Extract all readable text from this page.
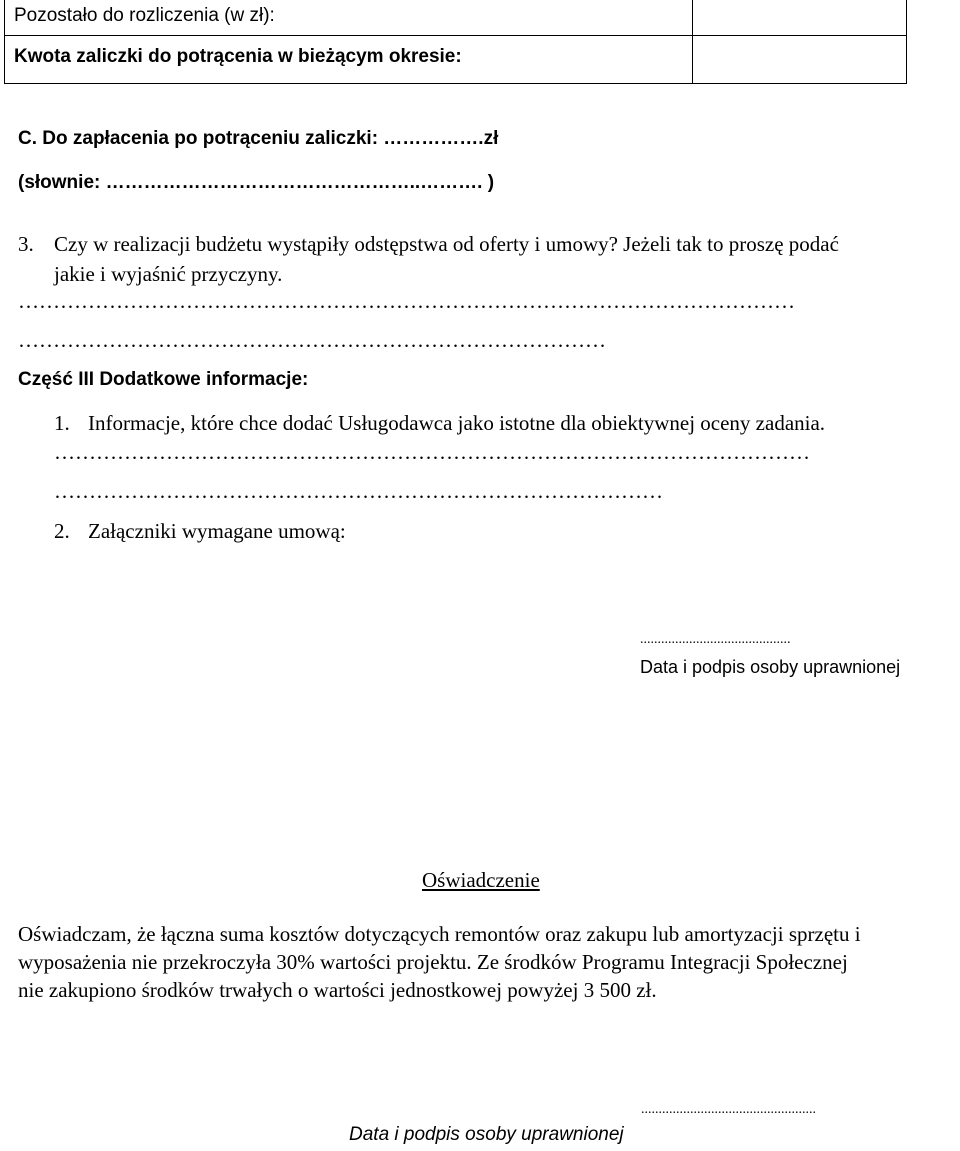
Pozostało do rozliczenia (w zł):
Kwota zaliczki do potrącenia w bieżącym okresie:
C. Do zapłacenia po potrąceniu zaliczki: …………….zł
(słownie: …………………………………………..………. )
3. Czy w realizacji budżetu wystąpiły odstępstwa od oferty i umowy? Jeżeli tak to proszę podać
jakie i wyjaśnić przyczyny.
…………………………………………………………………………………………………
…………………………………………………………………………
Część III Dodatkowe informacje:
1. Informacje, które chce dodać Usługodawca jako istotne dla obiektywnej oceny zadania.
………………………………………………………………………………………………
……………………………………………………………………………
2. Załączniki wymagane umową:
...........................................
Data i podpis osoby uprawnionej
Oświadczenie
Oświadczam, że łączna suma kosztów dotyczących remontów oraz zakupu lub amortyzacji sprzętu i
wyposażenia nie przekroczyła 30% wartości projektu. Ze środków Programu Integracji Społecznej
nie zakupiono środków trwałych o wartości jednostkowej powyżej 3 500 zł.
..................................................
Data i podpis osoby uprawnionej
